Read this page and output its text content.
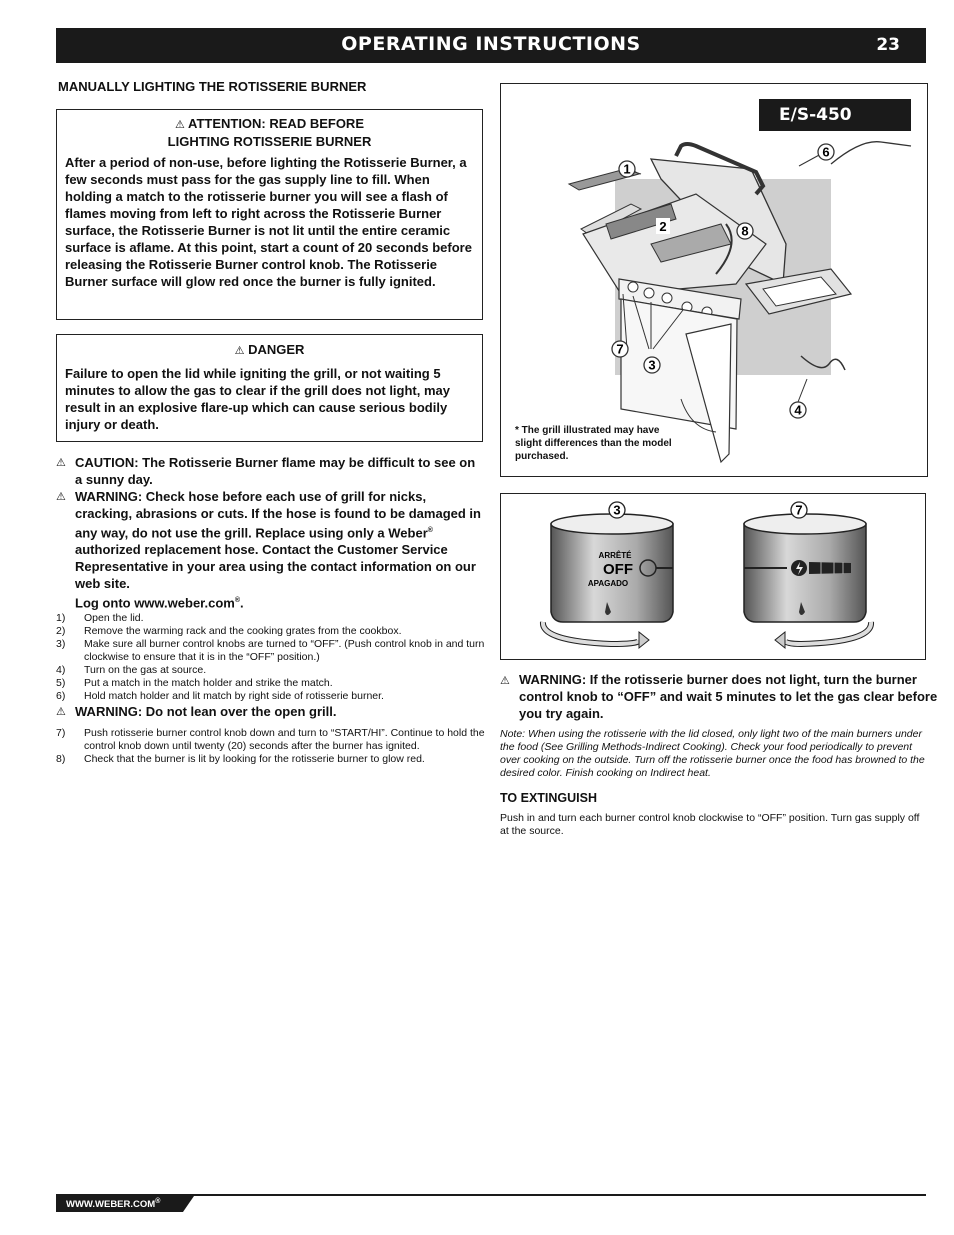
OPERATING INSTRUCTIONS	23
MANUALLY LIGHTING THE ROTISSERIE BURNER
⚠ ATTENTION: READ BEFORE
LIGHTING ROTISSERIE BURNER
After a period of non-use, before lighting the Rotisserie Burner, a few seconds must pass for the gas supply line to fill. When holding a match to the rotisserie burner you will see a flash of flames moving from left to right across the Rotisserie Burner surface, the Rotisserie Burner is not lit until the entire ceramic surface is aflame. At this point, start a count of 20 seconds before releasing the Rotisserie Burner control knob. The Rotisserie Burner surface will glow red once the burner is fully ignited.
⚠ DANGER
Failure to open the lid while igniting the grill, or not waiting 5 minutes to allow the gas to clear if the grill does not light, may result in an explosive flare-up which can cause serious bodily injury or death.
⚠ CAUTION: The Rotisserie Burner flame may be difficult to see on a sunny day.
⚠ WARNING: Check hose before each use of grill for nicks, cracking, abrasions or cuts. If the hose is found to be damaged in any way, do not use the grill. Replace using only a Weber® authorized replacement hose. Contact the Customer Service Representative in your area using the contact information on our web site.
Log onto www.weber.com®.
1) Open the lid.
2) Remove the warming rack and the cooking grates from the cookbox.
3) Make sure all burner control knobs are turned to “OFF”. (Push control knob in and turn clockwise to ensure that it is in the “OFF” position.)
4) Turn on the gas at source.
5) Put a match in the match holder and strike the match.
6) Hold match holder and lit match by right side of rotisserie burner.
⚠ WARNING: Do not lean over the open grill.
7) Push rotisserie burner control knob down and turn to “START/HI”. Continue to hold the control knob down until twenty (20) seconds after the burner has ignited.
8) Check that the burner is lit by looking for the rotisserie burner to glow red.
1
2
3
4
6
7
8
E/S-450
* The grill illustrated may have slight differences than the model purchased.
ARRÊTÉ
OFF
APAGADO
3	7
⚠ WARNING: If the rotisserie burner does not light, turn the burner control knob to “OFF” and wait 5 minutes to let the gas clear before you try again.
Note: When using the rotisserie with the lid closed, only light two of the main burners under the food (See Grilling Methods-Indirect Cooking). Check your food periodically to prevent over cooking on the outside. Turn off the rotisserie burner once the food has browned to the desired color. Finish cooking on Indirect heat.
TO EXTINGUISH
Push in and turn each burner control knob clockwise to “OFF” position. Turn gas supply off at the source.
WWW.WEBER.COM®
